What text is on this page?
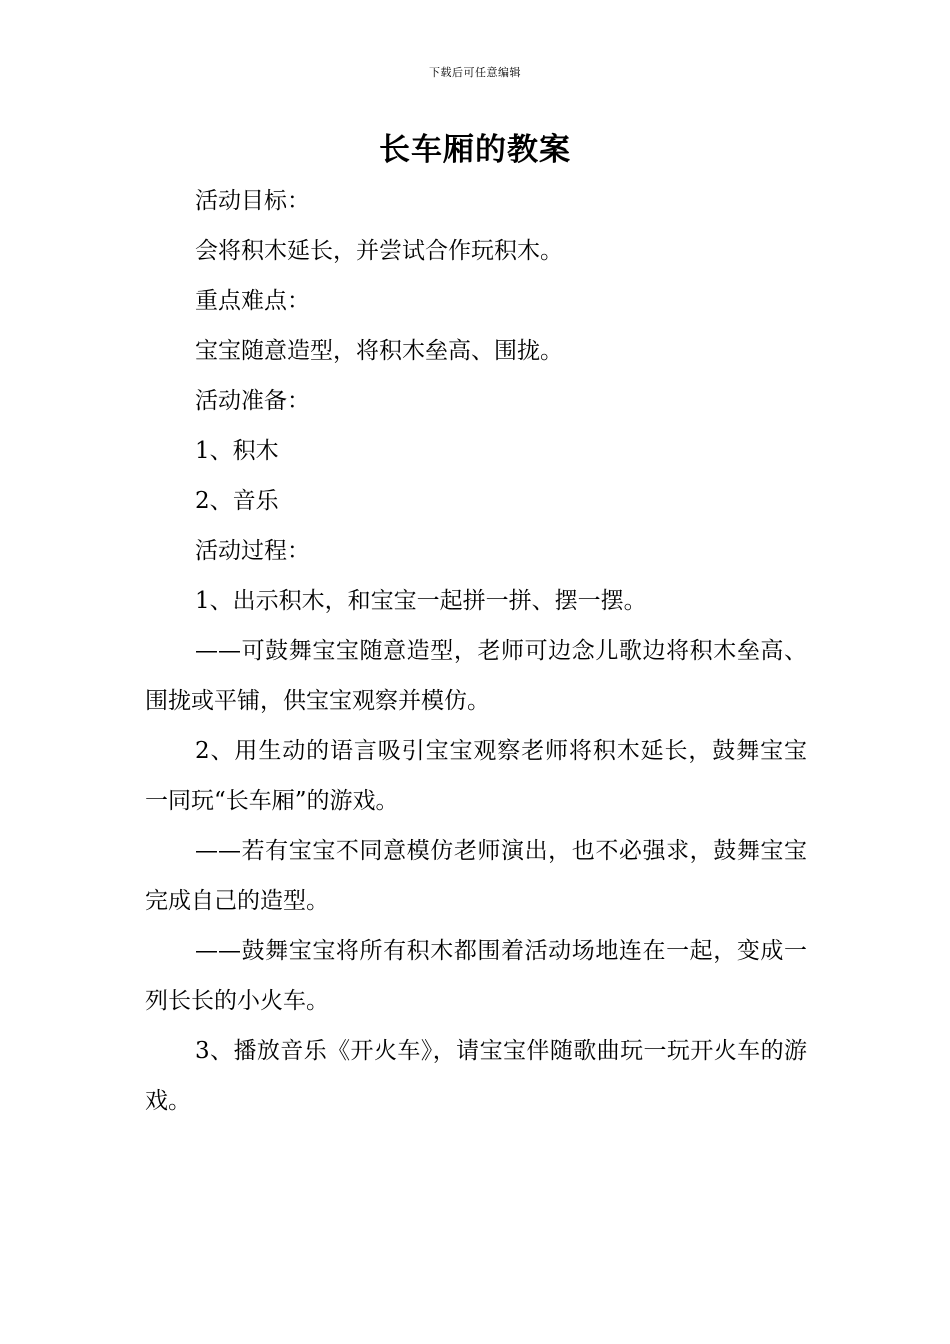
下载后可任意编辑
长车厢的教案

活动目标：

会将积木延长，并尝试合作玩积木。

重点难点：

宝宝随意造型，将积木垒高、围拢。

活动准备：

1、积木

2、音乐

活动过程：

1、出示积木，和宝宝一起拼一拼、摆一摆。

——可鼓舞宝宝随意造型，老师可边念儿歌边将积木垒高、围拢或平铺，供宝宝观察并模仿。

2、用生动的语言吸引宝宝观察老师将积木延长，鼓舞宝宝一同玩“长车厢”的游戏。

——若有宝宝不同意模仿老师演出，也不必强求，鼓舞宝宝完成自己的造型。

——鼓舞宝宝将所有积木都围着活动场地连在一起，变成一列长长的小火车。

3、播放音乐《开火车》，请宝宝伴随歌曲玩一玩开火车的游戏。
